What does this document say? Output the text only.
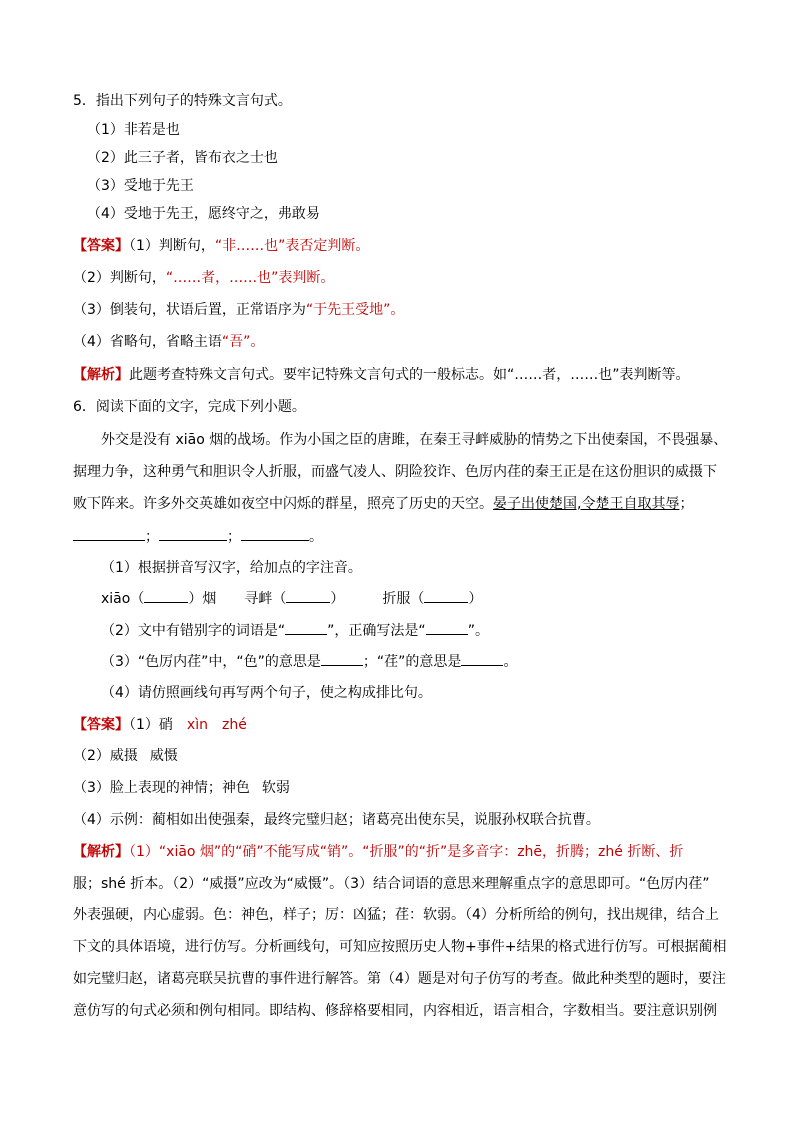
5．指出下列句子的特殊文言句式。
（1）非若是也
（2）此三子者，皆布衣之士也
（3）受地于先王
（4）受地于先王，愿终守之，弗敢易
【答案】（1）判断句，“非……也”表否定判断。
（2）判断句，“……者，……也”表判断。
（3）倒装句，状语后置，正常语序为“于先王受地”。
（4）省略句，省略主语“吾”。
【解析】此题考查特殊文言句式。要牢记特殊文言句式的一般标志。如“……者，……也”表判断等。
6．阅读下面的文字，完成下列小题。
外交是没有 xiāo 烟的战场。作为小国之臣的唐雎，在秦王寻衅威胁的情势之下出使秦国，不畏强暴、
据理力争，这种勇气和胆识令人折服，而盛气凌人、阴险狡诈、色厉内荏的秦王正是在这份胆识的威摄下
败下阵来。许多外交英雄如夜空中闪烁的群星，照亮了历史的天空。晏子出使楚国,令楚王自取其辱；
；	；	。
（1）根据拼音写汉字，给加点的字注音。
xiāo（	）烟 寻衅（	）	折服（	）
（2）文中有错别字的词语是“	”，正确写法是“	”。
（3）“色厉内荏”中，“色”的意思是	；“荏”的意思是	。
（4）请仿照画线句再写两个句子，使之构成排比句。
【答案】（1）硝 xìn zhé
（2）威摄 威慑
（3）脸上表现的神情；神色 软弱
（4）示例：蔺相如出使强秦，最终完璧归赵；诸葛亮出使东吴，说服孙权联合抗曹。
【解析】（1）“xiāo 烟”的“硝”不能写成“销”。“折服”的“折”是多音字：zhē，折腾；zhé 折断、折
服；shé 折本。（2）“威摄”应改为“威慑”。（3）结合词语的意思来理解重点字的意思即可。“色厉内荏”
外表强硬，内心虚弱。色：神色，样子；厉：凶猛；荏：软弱。（4）分析所给的例句，找出规律，结合上
下文的具体语境，进行仿写。分析画线句，可知应按照历史人物+事件+结果的格式进行仿写。可根据蔺相
如完璧归赵，诸葛亮联吴抗曹的事件进行解答。第（4）题是对句子仿写的考查。做此种类型的题时，要注
意仿写的句式必须和例句相同。即结构、修辞格要相同，内容相近，语言相合，字数相当。要注意识别例
